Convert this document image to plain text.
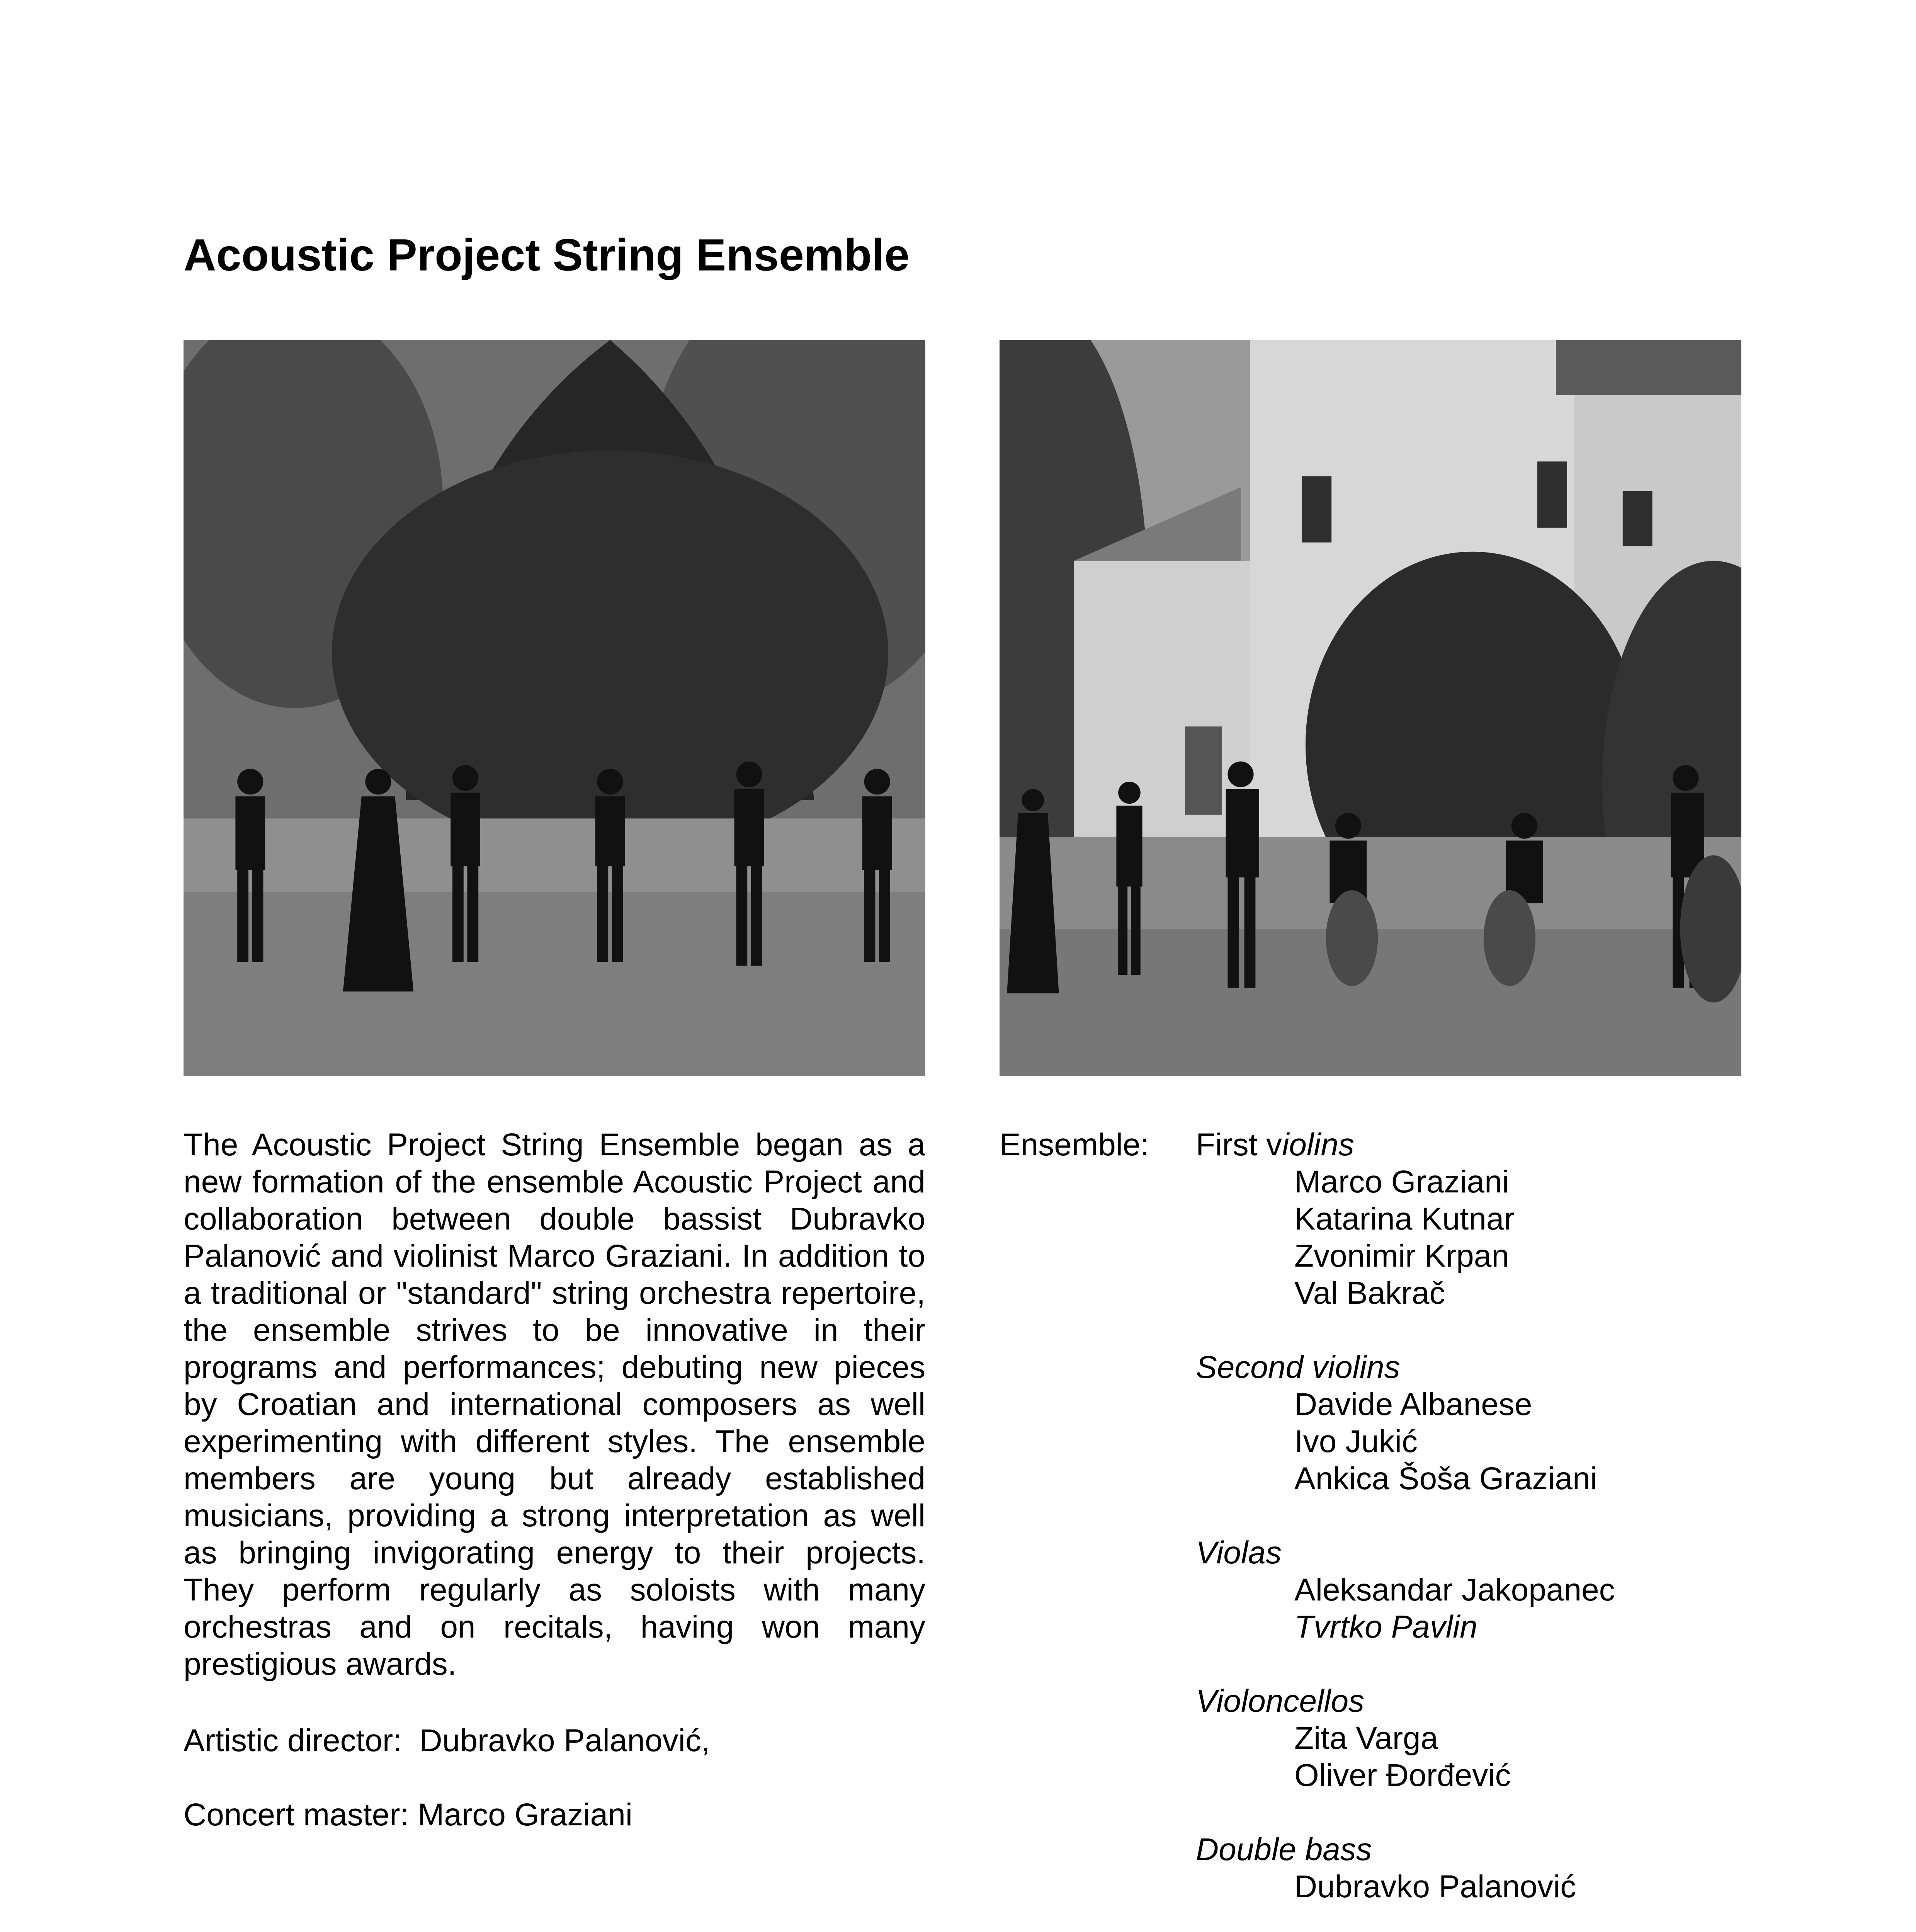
Acoustic Project String Ensemble

The Acoustic Project String Ensemble began as a new formation of the ensemble Acoustic Project and collaboration between double bassist Dubravko Palanović and violinist Marco Graziani. In addition to a traditional or "standard" string orchestra repertoire, the ensemble strives to be innovative in their programs and performances; debuting new pieces by Croatian and international composers as well experimenting with different styles. The ensemble members are young but already established musicians, providing a strong interpretation as well as bringing invigorating energy to their projects. They perform regularly as soloists with many orchestras and on recitals, having won many prestigious awards.

Artistic director:  Dubravko Palanović,

Concert master: Marco Graziani

Ensemble: First violins
Marco Graziani
Katarina Kutnar
Zvonimir Krpan
Val Bakrač
Second violins
Davide Albanese
Ivo Jukić
Ankica Šoša Graziani
Violas
Aleksandar Jakopanec
Tvrtko Pavlin
Violoncellos
Zita Varga
Oliver Đorđević
Double bass
Dubravko Palanović
